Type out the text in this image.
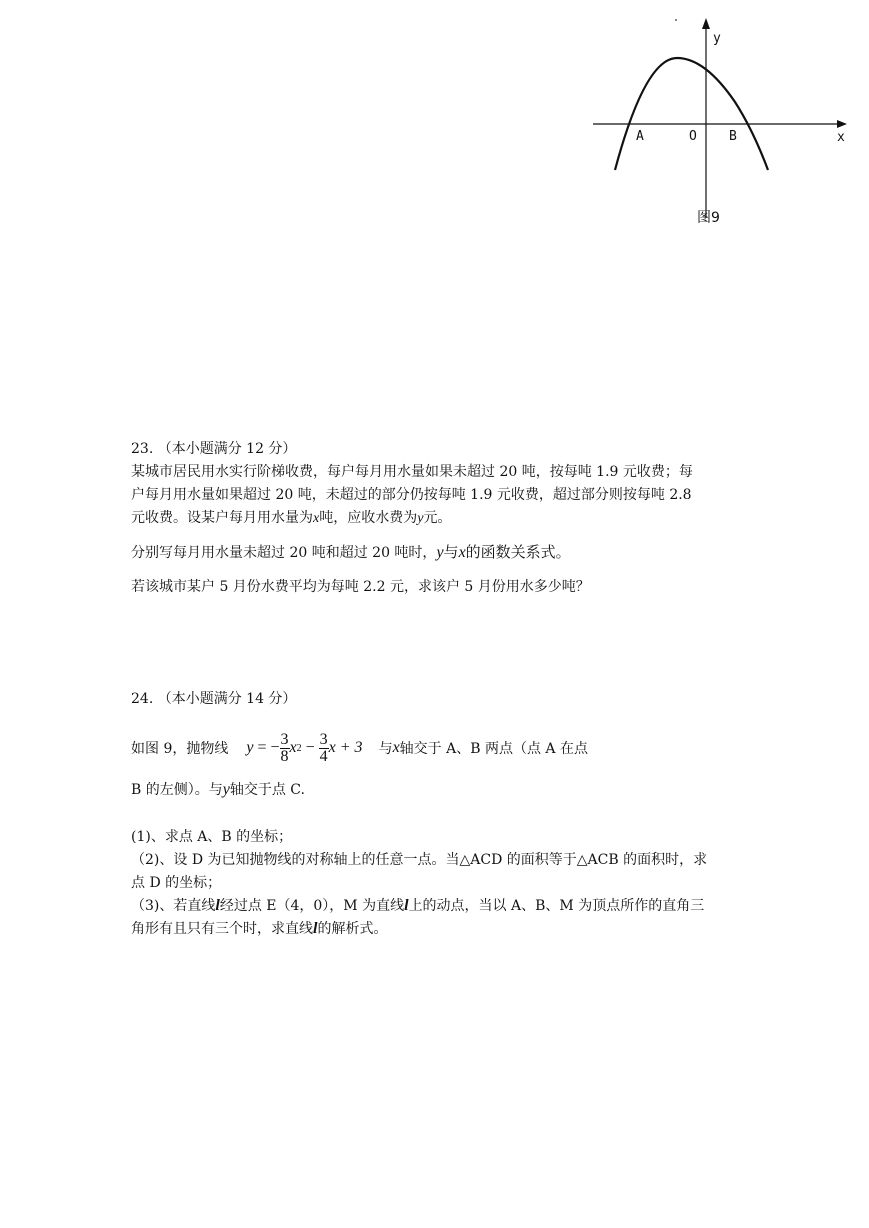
y
x
A	O B
图9
23. （本小题满分 12 分）
某城市居民用水实行阶梯收费，每户每月用水量如果未超过 20 吨，按每吨 1.9 元收费；每
户每月用水量如果超过 20 吨，未超过的部分仍按每吨 1.9 元收费，超过部分则按每吨 2.8
元收费。设某户每月用水量为x吨，应收水费为y元。
分别写每月用水量未超过 20 吨和超过 20 吨时，y与x的函数关系式。
若该城市某户 5 月份水费平均为每吨 2.2 元，求该户 5 月份用水多少吨？
24. （本小题满分 14 分）
如图 9，抛物线 y = − $\frac{3}{8}$ x $2 - \frac{3}{4}$ x + 3 与 x 轴交于 A、B 两点（点 A 在点
B 的左侧）。与y轴交于点 C.
(1)、求点 A、B 的坐标；
（2)、设 D 为已知抛物线的对称轴上的任意一点。当△ACD 的面积等于△ACB 的面积时，求
点 D 的坐标；
（3)、若直线l经过点 E（4，0），M 为直线l上的动点，当以 A、B、M 为顶点所作的直角三
角形有且只有三个时，求直线l的解析式。
